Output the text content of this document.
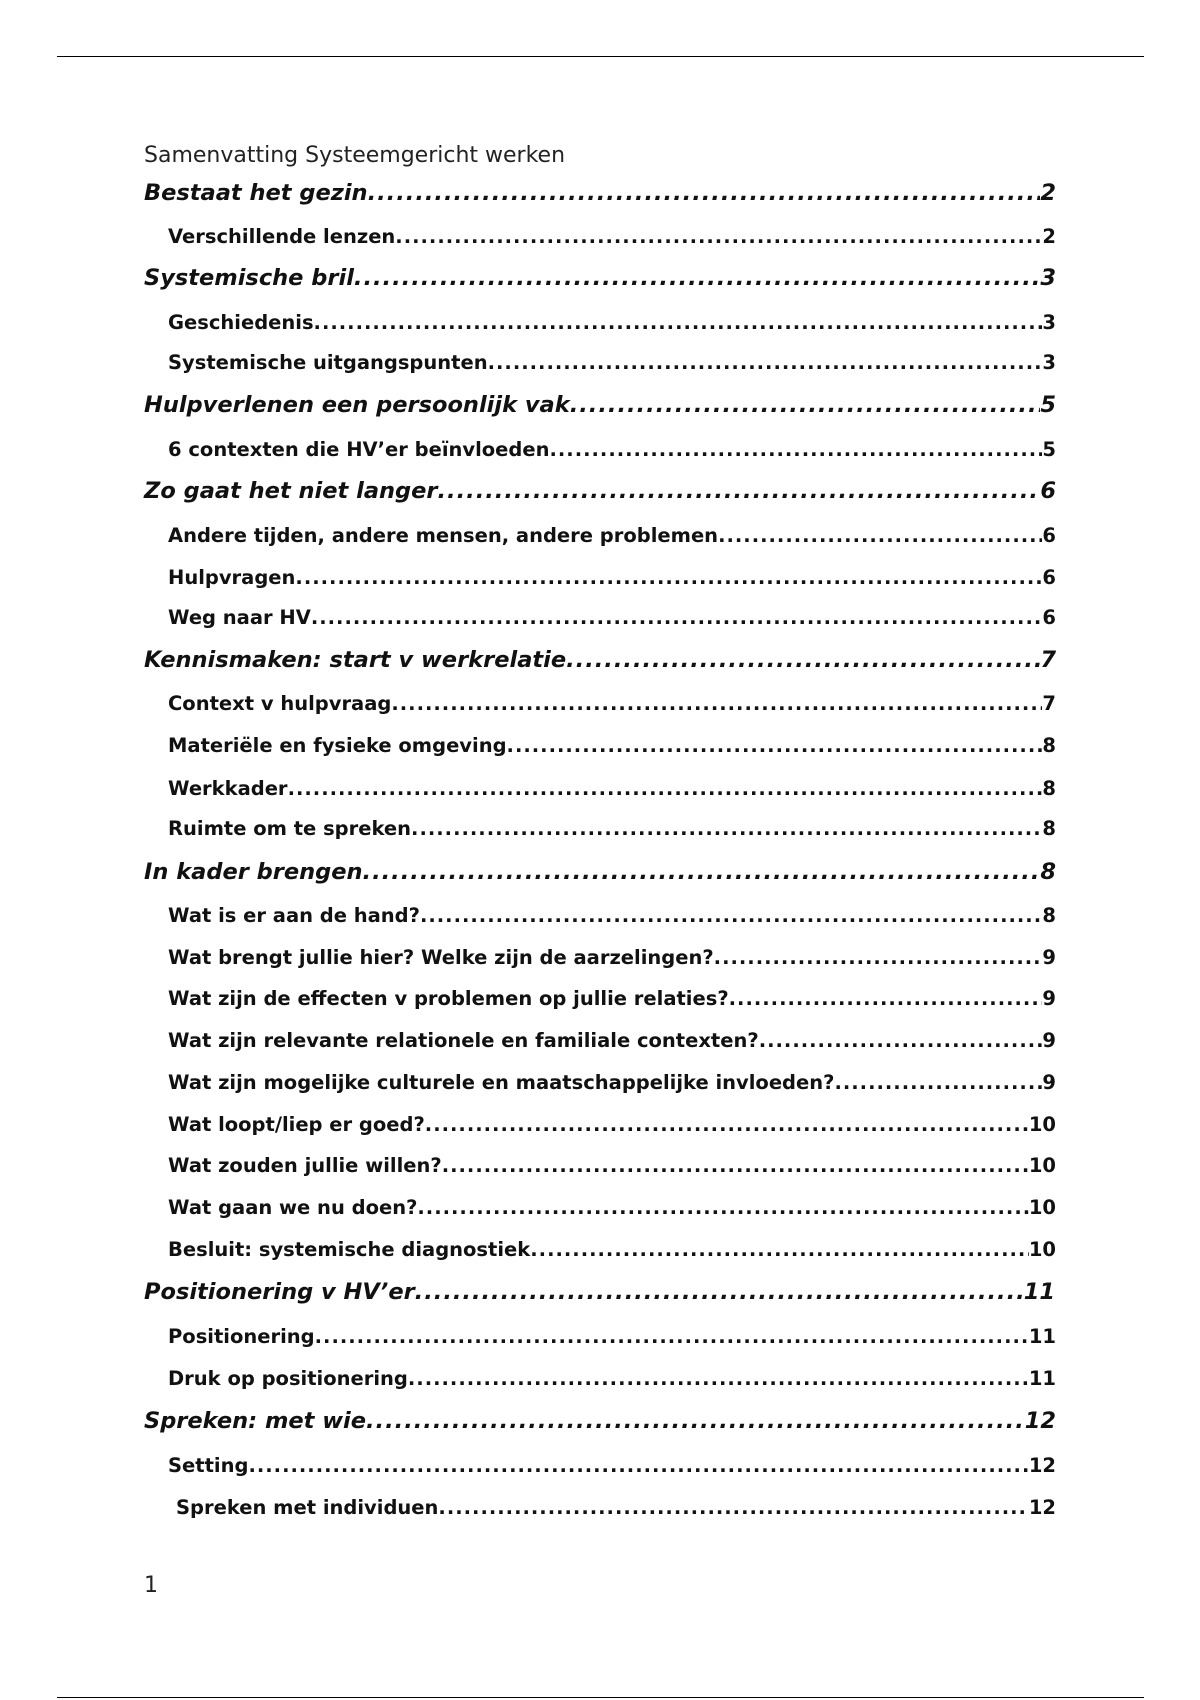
Samenvatting Systeemgericht werken
Bestaat het gezin .....	2
Verschillende lenzen .....	2
Systemische bril .....	3
Geschiedenis .....	3
Systemische uitgangspunten .....	3
Hulpverlenen een persoonlijk vak .....	5
6 contexten die HV’er beïnvloeden .....	5
Zo gaat het niet langer .....	6
Andere tijden, andere mensen, andere problemen .....	6
Hulpvragen .....	6
Weg naar HV .....	6
Kennismaken: start v werkrelatie .....	7
Context v hulpvraag .....	7
Materiële en fysieke omgeving .....	8
Werkkader .....	8
Ruimte om te spreken .....	8
In kader brengen .....	8
Wat is er aan de hand? .....	8
Wat brengt jullie hier? Welke zijn de aarzelingen? .....	9
Wat zijn de effecten v problemen op jullie relaties? .....	9
Wat zijn relevante relationele en familiale contexten? .....	9
Wat zijn mogelijke culturele en maatschappelijke invloeden? .....	9
Wat loopt/liep er goed? .....	10
Wat zouden jullie willen? .....	10
Wat gaan we nu doen? .....	10
Besluit: systemische diagnostiek .....	10
Positionering v HV’er .....	11
Positionering .....	11
Druk op positionering .....	11
Spreken: met wie .....	12
Setting .....	12
Spreken met individuen .....	12
1
